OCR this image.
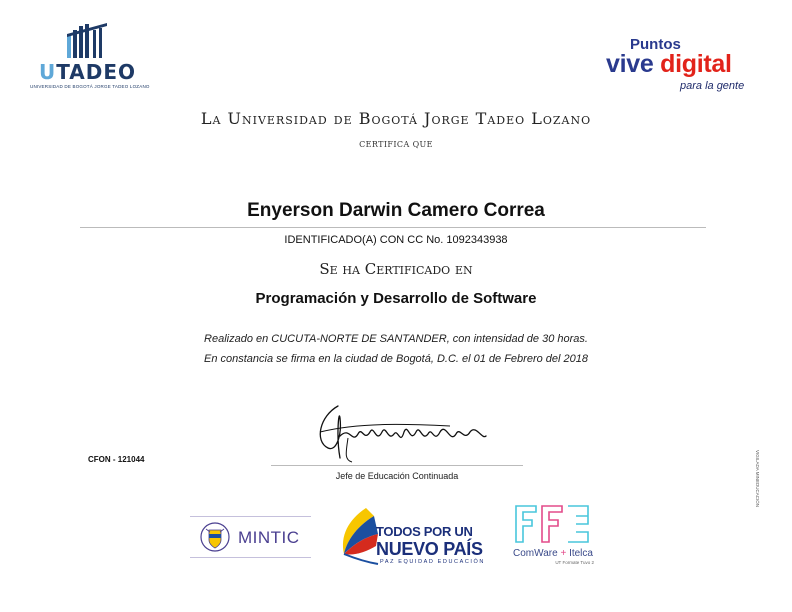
UTADEO
UNIVERSIDAD DE BOGOTÁ JORGE TADEO LOZANO
Puntos
vive digital
para la gente
La Universidad de Bogotá Jorge Tadeo Lozano
CERTIFICA QUE
Enyerson Darwin Camero Correa
IDENTIFICADO(A) CON CC No. 1092343938
Se ha Certificado en
Programación y Desarrollo de Software
Realizado en CUCUTA-NORTE DE SANTANDER, con intensidad de 30 horas.
En constancia se firma en la ciudad de Bogotá, D.C. el 01 de Febrero del 2018
Jefe de Educación Continuada
CFON - 121044	VIGILADA MINEDUCACIÓN
MINTIC	TODOS POR UN
NUEVO PAÍS
PAZ EQUIDAD EDUCACIÓN
ComWare + Itelca
UT Formate Tuvo 2
